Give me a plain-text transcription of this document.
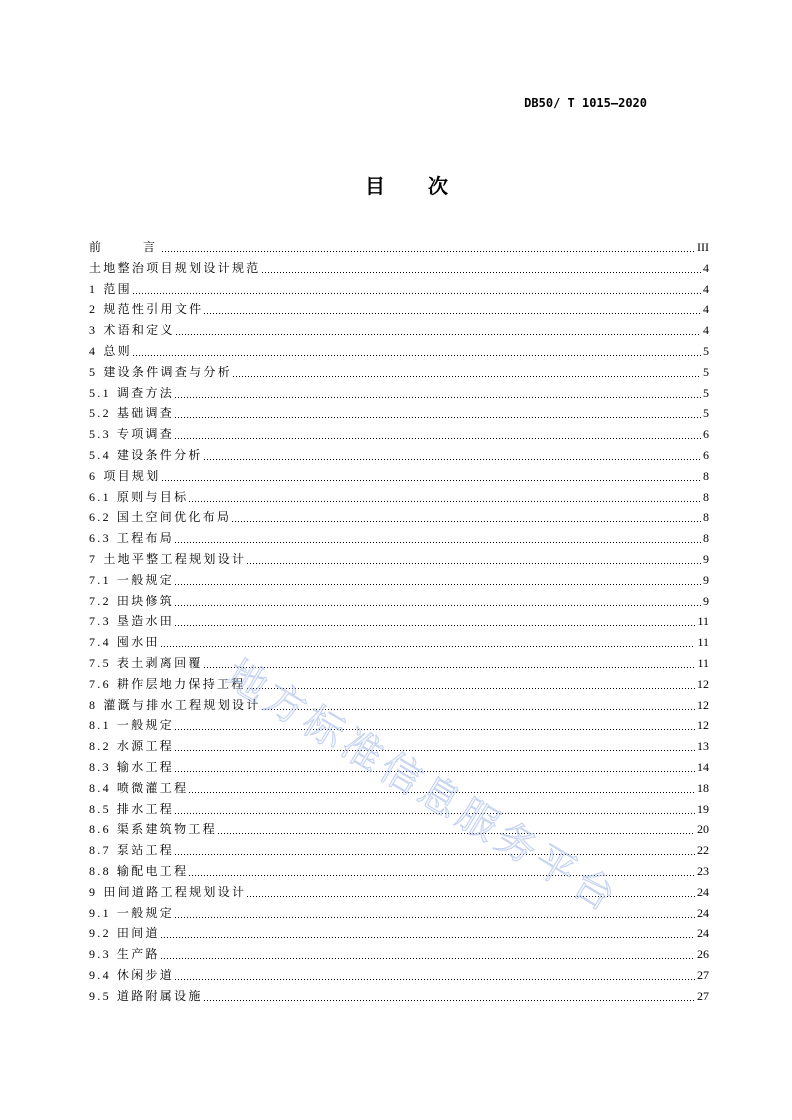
DB50/ T 1015—2020
目　　次
前　　言	III
土地整治项目规划设计规范	4
1 范围	4
2 规范性引用文件	4
3 术语和定义	4
4 总则	5
5 建设条件调查与分析	5
5.1 调查方法	5
5.2 基础调查	5
5.3 专项调查	6
5.4 建设条件分析	6
6 项目规划	8
6.1 原则与目标	8
6.2 国土空间优化布局	8
6.3 工程布局	8
7 土地平整工程规划设计	9
7.1 一般规定	9
7.2 田块修筑	9
7.3 垦造水田	11
7.4 囤水田	11
7.5 表土剥离回覆	11
7.6 耕作层地力保持工程	12
8 灌溉与排水工程规划设计	12
8.1 一般规定	12
8.2 水源工程	13
8.3 输水工程	14
8.4 喷微灌工程	18
8.5 排水工程	19
8.6 渠系建筑物工程	20
8.7 泵站工程	22
8.8 输配电工程	23
9 田间道路工程规划设计	24
9.1 一般规定	24
9.2 田间道	24
9.3 生产路	26
9.4 休闲步道	27
9.5 道路附属设施	27
